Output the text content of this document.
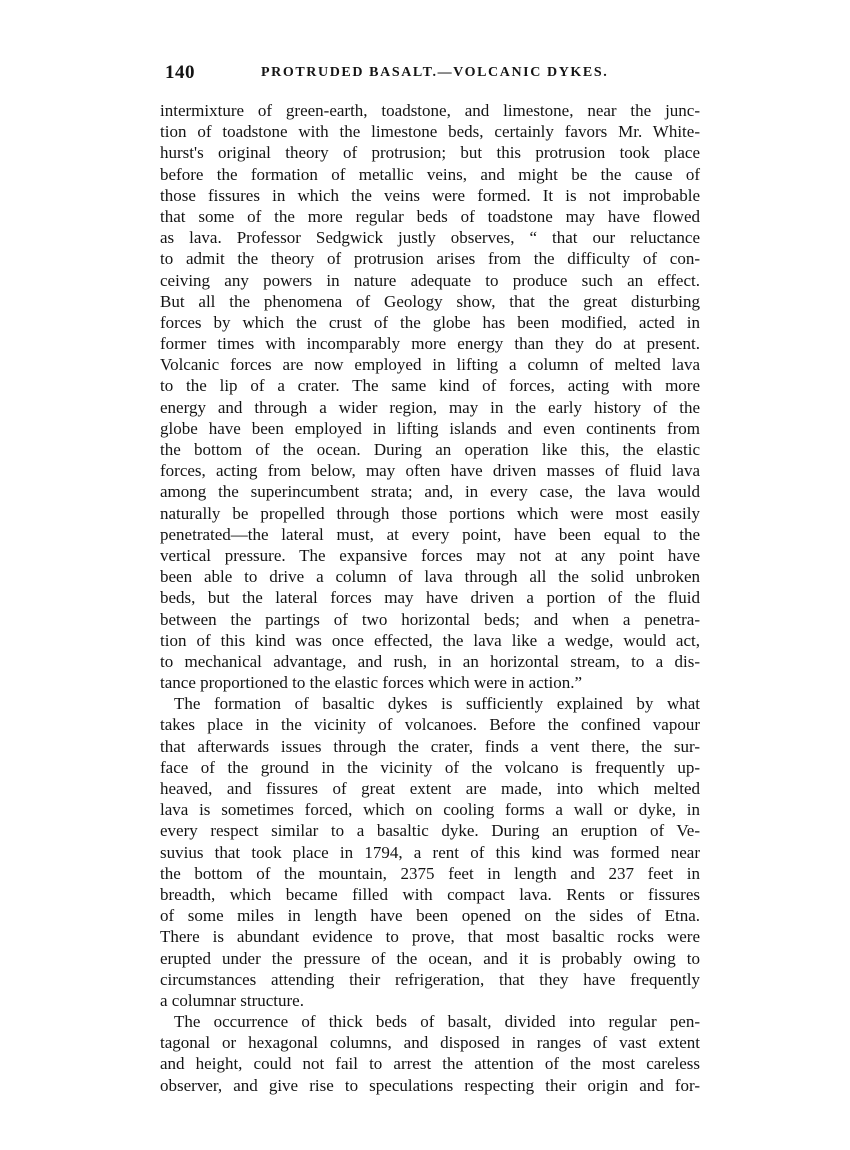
140	PROTRUDED BASALT.—VOLCANIC DYKES.
intermixture of green-earth, toadstone, and limestone, near the junc-
tion of toadstone with the limestone beds, certainly favors Mr. White-
hurst's original theory of protrusion; but this protrusion took place
before the formation of metallic veins, and might be the cause of
those fissures in which the veins were formed. It is not improbable
that some of the more regular beds of toadstone may have flowed
as lava. Professor Sedgwick justly observes, “ that our reluctance
to admit the theory of protrusion arises from the difficulty of con-
ceiving any powers in nature adequate to produce such an effect.
But all the phenomena of Geology show, that the great disturbing
forces by which the crust of the globe has been modified, acted in
former times with incomparably more energy than they do at present.
Volcanic forces are now employed in lifting a column of melted lava
to the lip of a crater. The same kind of forces, acting with more
energy and through a wider region, may in the early history of the
globe have been employed in lifting islands and even continents from
the bottom of the ocean. During an operation like this, the elastic
forces, acting from below, may often have driven masses of fluid lava
among the superincumbent strata; and, in every case, the lava would
naturally be propelled through those portions which were most easily
penetrated—the lateral must, at every point, have been equal to the
vertical pressure. The expansive forces may not at any point have
been able to drive a column of lava through all the solid unbroken
beds, but the lateral forces may have driven a portion of the fluid
between the partings of two horizontal beds; and when a penetra-
tion of this kind was once effected, the lava like a wedge, would act,
to mechanical advantage, and rush, in an horizontal stream, to a dis-
tance proportioned to the elastic forces which were in action.”
The formation of basaltic dykes is sufficiently explained by what
takes place in the vicinity of volcanoes. Before the confined vapour
that afterwards issues through the crater, finds a vent there, the sur-
face of the ground in the vicinity of the volcano is frequently up-
heaved, and fissures of great extent are made, into which melted
lava is sometimes forced, which on cooling forms a wall or dyke, in
every respect similar to a basaltic dyke. During an eruption of Ve-
suvius that took place in 1794, a rent of this kind was formed near
the bottom of the mountain, 2375 feet in length and 237 feet in
breadth, which became filled with compact lava. Rents or fissures
of some miles in length have been opened on the sides of Etna.
There is abundant evidence to prove, that most basaltic rocks were
erupted under the pressure of the ocean, and it is probably owing to
circumstances attending their refrigeration, that they have frequently
a columnar structure.
The occurrence of thick beds of basalt, divided into regular pen-
tagonal or hexagonal columns, and disposed in ranges of vast extent
and height, could not fail to arrest the attention of the most careless
observer, and give rise to speculations respecting their origin and for-
